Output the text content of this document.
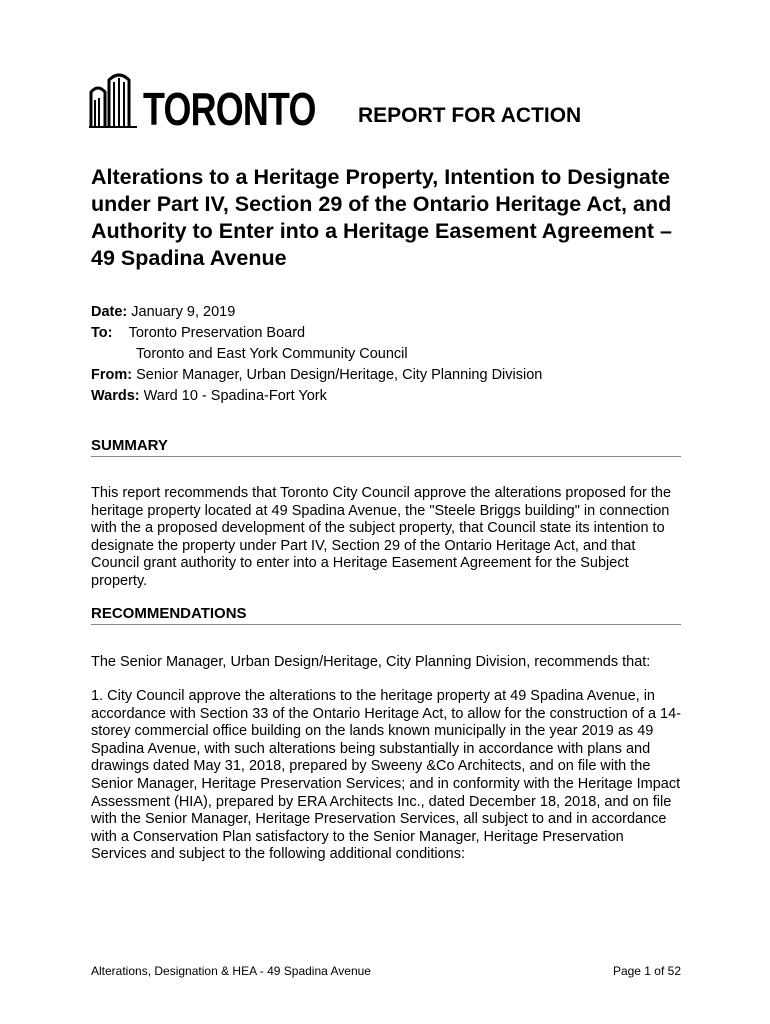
TORONTO REPORT FOR ACTION
Alterations to a Heritage Property, Intention to Designate under Part IV, Section 29 of the Ontario Heritage Act, and Authority to Enter into a Heritage Easement Agreement – 49 Spadina Avenue
Date: January 9, 2019
To: Toronto Preservation Board
Toronto and East York Community Council
From: Senior Manager, Urban Design/Heritage, City Planning Division
Wards: Ward 10 - Spadina-Fort York
SUMMARY
This report recommends that Toronto City Council approve the alterations proposed for the heritage property located at 49 Spadina Avenue, the "Steele Briggs building" in connection with the a proposed development of the subject property, that Council state its intention to designate the property under Part IV, Section 29 of the Ontario Heritage Act, and that Council grant authority to enter into a Heritage Easement Agreement for the Subject property.
RECOMMENDATIONS
The Senior Manager, Urban Design/Heritage, City Planning Division, recommends that:
1. City Council approve the alterations to the heritage property at 49 Spadina Avenue, in accordance with Section 33 of the Ontario Heritage Act, to allow for the construction of a 14-storey commercial office building on the lands known municipally in the year 2019 as 49 Spadina Avenue, with such alterations being substantially in accordance with plans and drawings dated May 31, 2018, prepared by Sweeny &Co Architects, and on file with the Senior Manager, Heritage Preservation Services; and in conformity with the Heritage Impact Assessment (HIA), prepared by ERA Architects Inc., dated December 18, 2018, and on file with the Senior Manager, Heritage Preservation Services, all subject to and in accordance with a Conservation Plan satisfactory to the Senior Manager, Heritage Preservation Services and subject to the following additional conditions:
Alterations, Designation & HEA - 49 Spadina Avenue	Page 1 of 52
